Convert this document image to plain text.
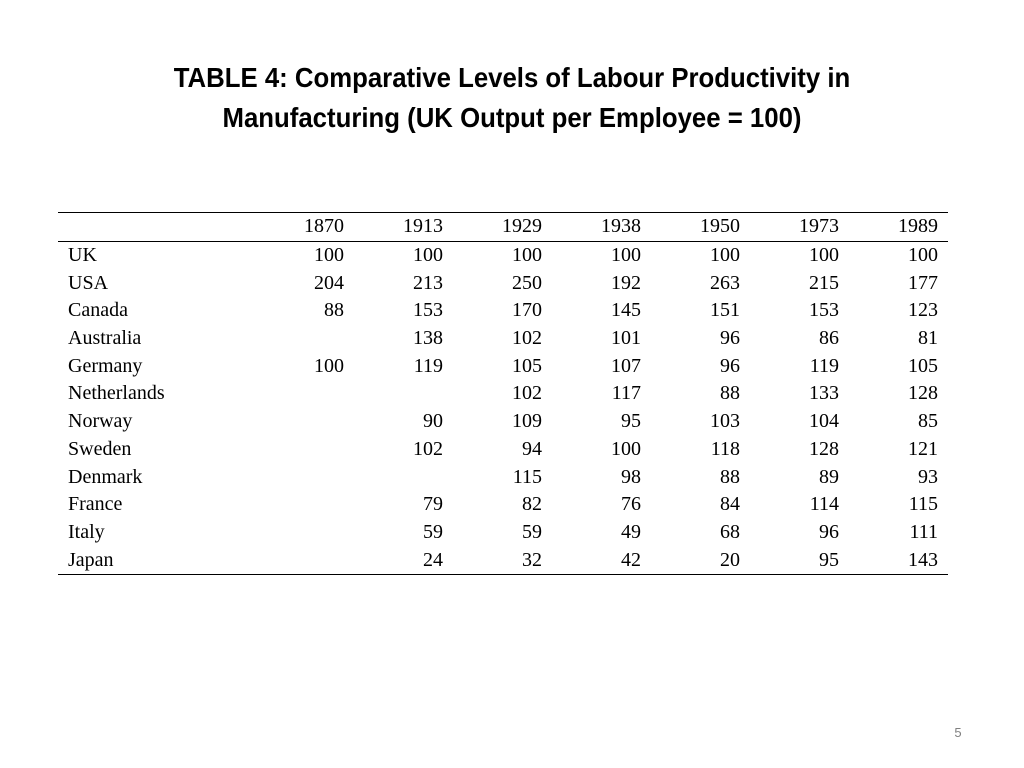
TABLE 4: Comparative Levels of Labour Productivity in
Manufacturing (UK Output per Employee = 100)
	1870	1913	1929	1938	1950	1973	1989
UK	100	100	100	100	100	100	100
USA	204	213	250	192	263	215	177
Canada	88	153	170	145	151	153	123
Australia		138	102	101	96	86	81
Germany	100	119	105	107	96	119	105
Netherlands			102	117	88	133	128
Norway		90	109	95	103	104	85
Sweden		102	94	100	118	128	121
Denmark			115	98	88	89	93
France		79	82	76	84	114	115
Italy		59	59	49	68	96	111
Japan		24	32	42	20	95	143
5
